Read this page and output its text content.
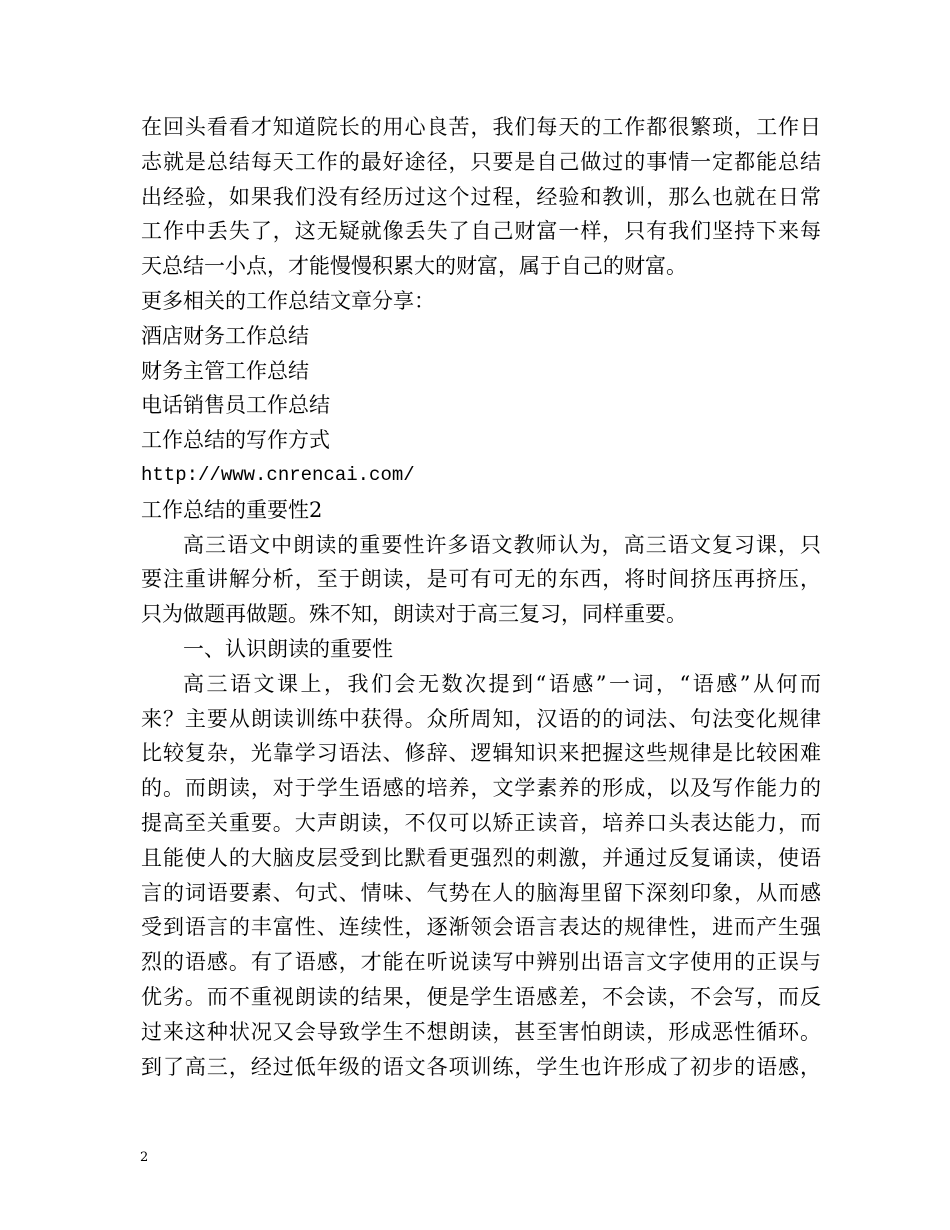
在回头看看才知道院长的用心良苦，我们每天的工作都很繁琐，工作日
志就是总结每天工作的最好途径，只要是自己做过的事情一定都能总结
出经验，如果我们没有经历过这个过程，经验和教训，那么也就在日常
工作中丢失了，这无疑就像丢失了自己财富一样，只有我们坚持下来每
天总结一小点，才能慢慢积累大的财富，属于自己的财富。
更多相关的工作总结文章分享：
酒店财务工作总结
财务主管工作总结
电话销售员工作总结
工作总结的写作方式
http://www.cnrencai.com/
工作总结的重要性2
高三语文中朗读的重要性许多语文教师认为，高三语文复习课，只
要注重讲解分析，至于朗读，是可有可无的东西，将时间挤压再挤压，
只为做题再做题。殊不知，朗读对于高三复习，同样重要。
一、认识朗读的重要性
高三语文课上，我们会无数次提到“语感”一词，“语感”从何而
来？主要从朗读训练中获得。众所周知，汉语的的词法、句法变化规律
比较复杂，光靠学习语法、修辞、逻辑知识来把握这些规律是比较困难
的。而朗读，对于学生语感的培养，文学素养的形成，以及写作能力的
提高至关重要。大声朗读，不仅可以矫正读音，培养口头表达能力，而
且能使人的大脑皮层受到比默看更强烈的刺激，并通过反复诵读，使语
言的词语要素、句式、情味、气势在人的脑海里留下深刻印象，从而感
受到语言的丰富性、连续性，逐渐领会语言表达的规律性，进而产生强
烈的语感。有了语感，才能在听说读写中辨别出语言文字使用的正误与
优劣。而不重视朗读的结果，便是学生语感差，不会读，不会写，而反
过来这种状况又会导致学生不想朗读，甚至害怕朗读，形成恶性循环。
到了高三，经过低年级的语文各项训练，学生也许形成了初步的语感，
2
